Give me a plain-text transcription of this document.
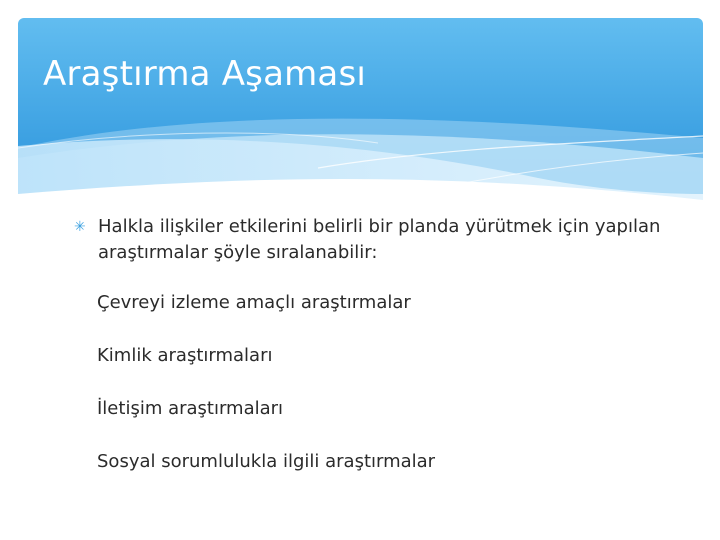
Araştırma Aşaması
✳ Halkla ilişkiler etkilerini belirli bir planda yürütmek için yapılan araştırmalar şöyle sıralanabilir:
Çevreyi izleme amaçlı araştırmalar
Kimlik araştırmaları
İletişim araştırmaları
Sosyal sorumlulukla ilgili araştırmalar
